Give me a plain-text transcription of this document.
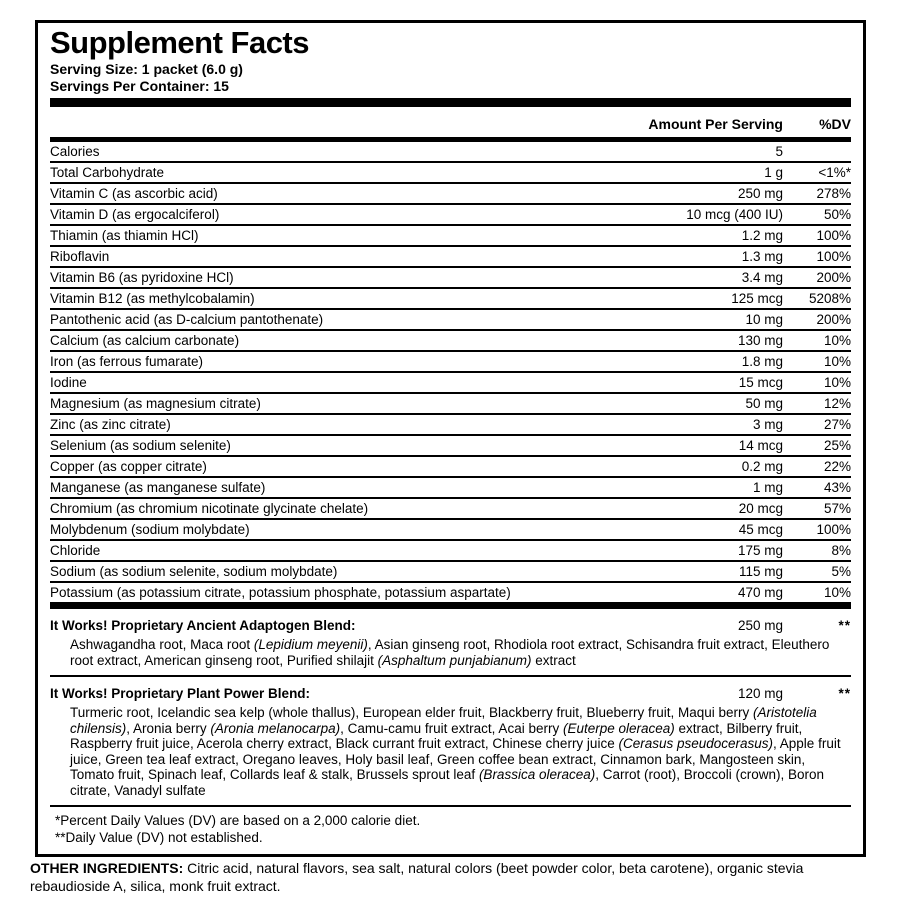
Supplement Facts
Serving Size: 1 packet (6.0 g)
Servings Per Container: 15
Amount Per Serving	%DV
Calories	5
Total Carbohydrate	1 g	<1%*
Vitamin C (as ascorbic acid)	250 mg	278%
Vitamin D (as ergocalciferol)	10 mcg (400 IU)	50%
Thiamin (as thiamin HCl)	1.2 mg	100%
Riboflavin	1.3 mg	100%
Vitamin B6 (as pyridoxine HCl)	3.4 mg	200%
Vitamin B12 (as methylcobalamin)	125 mcg	5208%
Pantothenic acid (as D-calcium pantothenate)	10 mg	200%
Calcium (as calcium carbonate)	130 mg	10%
Iron (as ferrous fumarate)	1.8 mg	10%
Iodine	15 mcg	10%
Magnesium (as magnesium citrate)	50 mg	12%
Zinc (as zinc citrate)	3 mg	27%
Selenium (as sodium selenite)	14 mcg	25%
Copper (as copper citrate)	0.2 mg	22%
Manganese (as manganese sulfate)	1 mg	43%
Chromium (as chromium nicotinate glycinate chelate)	20 mcg	57%
Molybdenum (sodium molybdate)	45 mcg	100%
Chloride	175 mg	8%
Sodium (as sodium selenite, sodium molybdate)	115 mg	5%
Potassium (as potassium citrate, potassium phosphate, potassium aspartate)	470 mg	10%
It Works! Proprietary Ancient Adaptogen Blend:	250 mg	**

Ashwagandha root, Maca root (Lepidium meyenii), Asian ginseng root, Rhodiola root extract, Schisandra fruit extract, Eleuthero root extract, American ginseng root, Purified shilajit (Asphaltum punjabianum) extract

It Works! Proprietary Plant Power Blend:	120 mg	**

Turmeric root, Icelandic sea kelp (whole thallus), European elder fruit, Blackberry fruit, Blueberry fruit, Maqui berry (Aristotelia chilensis), Aronia berry (Aronia melanocarpa), Camu-camu fruit extract, Acai berry (Euterpe oleracea) extract, Bilberry fruit, Raspberry fruit juice, Acerola cherry extract, Black currant fruit extract, Chinese cherry juice (Cerasus pseudocerasus), Apple fruit juice, Green tea leaf extract, Oregano leaves, Holy basil leaf, Green coffee bean extract, Cinnamon bark, Mangosteen skin, Tomato fruit, Spinach leaf, Collards leaf & stalk, Brussels sprout leaf (Brassica oleracea), Carrot (root), Broccoli (crown), Boron citrate, Vanadyl sulfate

*Percent Daily Values (DV) are based on a 2,000 calorie diet.
**Daily Value (DV) not established.

OTHER INGREDIENTS: Citric acid, natural flavors, sea salt, natural colors (beet powder color, beta carotene), organic stevia rebaudioside A, silica, monk fruit extract.
